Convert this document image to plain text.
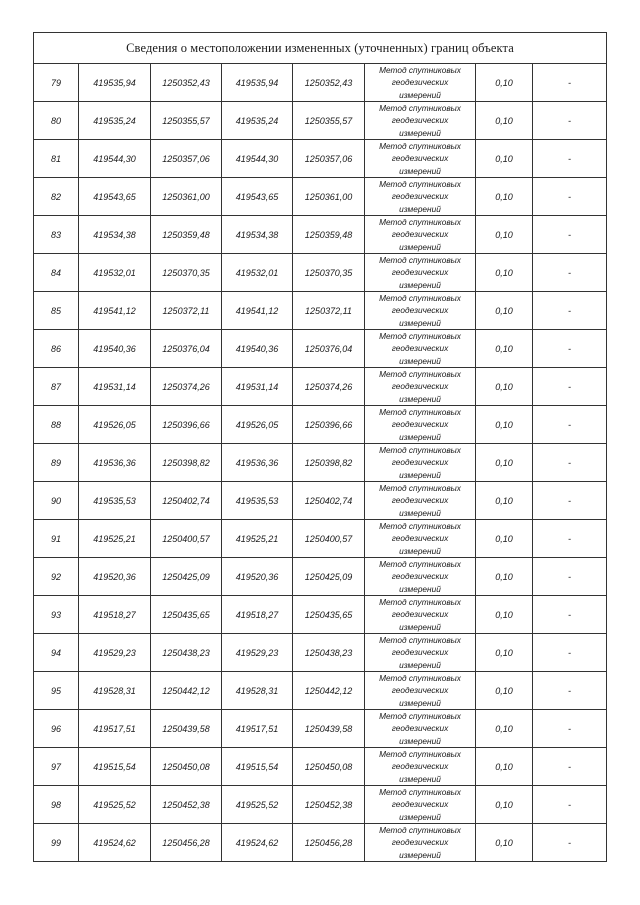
Сведения о местоположении измененных (уточненных) границ объекта							
79	419535,94	1250352,43	419535,94	1250352,43	Метод спутниковых
геодезических
измерений	0,10	-
80	419535,24	1250355,57	419535,24	1250355,57	Метод спутниковых
геодезических
измерений	0,10	-
81	419544,30	1250357,06	419544,30	1250357,06	Метод спутниковых
геодезических
измерений	0,10	-
82	419543,65	1250361,00	419543,65	1250361,00	Метод спутниковых
геодезических
измерений	0,10	-
83	419534,38	1250359,48	419534,38	1250359,48	Метод спутниковых
геодезических
измерений	0,10	-
84	419532,01	1250370,35	419532,01	1250370,35	Метод спутниковых
геодезических
измерений	0,10	-
85	419541,12	1250372,11	419541,12	1250372,11	Метод спутниковых
геодезических
измерений	0,10	-
86	419540,36	1250376,04	419540,36	1250376,04	Метод спутниковых
геодезических
измерений	0,10	-
87	419531,14	1250374,26	419531,14	1250374,26	Метод спутниковых
геодезических
измерений	0,10	-
88	419526,05	1250396,66	419526,05	1250396,66	Метод спутниковых
геодезических
измерений	0,10	-
89	419536,36	1250398,82	419536,36	1250398,82	Метод спутниковых
геодезических
измерений	0,10	-
90	419535,53	1250402,74	419535,53	1250402,74	Метод спутниковых
геодезических
измерений	0,10	-
91	419525,21	1250400,57	419525,21	1250400,57	Метод спутниковых
геодезических
измерений	0,10	-
92	419520,36	1250425,09	419520,36	1250425,09	Метод спутниковых
геодезических
измерений	0,10	-
93	419518,27	1250435,65	419518,27	1250435,65	Метод спутниковых
геодезических
измерений	0,10	-
94	419529,23	1250438,23	419529,23	1250438,23	Метод спутниковых
геодезических
измерений	0,10	-
95	419528,31	1250442,12	419528,31	1250442,12	Метод спутниковых
геодезических
измерений	0,10	-
96	419517,51	1250439,58	419517,51	1250439,58	Метод спутниковых
геодезических
измерений	0,10	-
97	419515,54	1250450,08	419515,54	1250450,08	Метод спутниковых
геодезических
измерений	0,10	-
98	419525,52	1250452,38	419525,52	1250452,38	Метод спутниковых
геодезических
измерений	0,10	-
99	419524,62	1250456,28	419524,62	1250456,28	Метод спутниковых
геодезических
измерений	0,10	-
